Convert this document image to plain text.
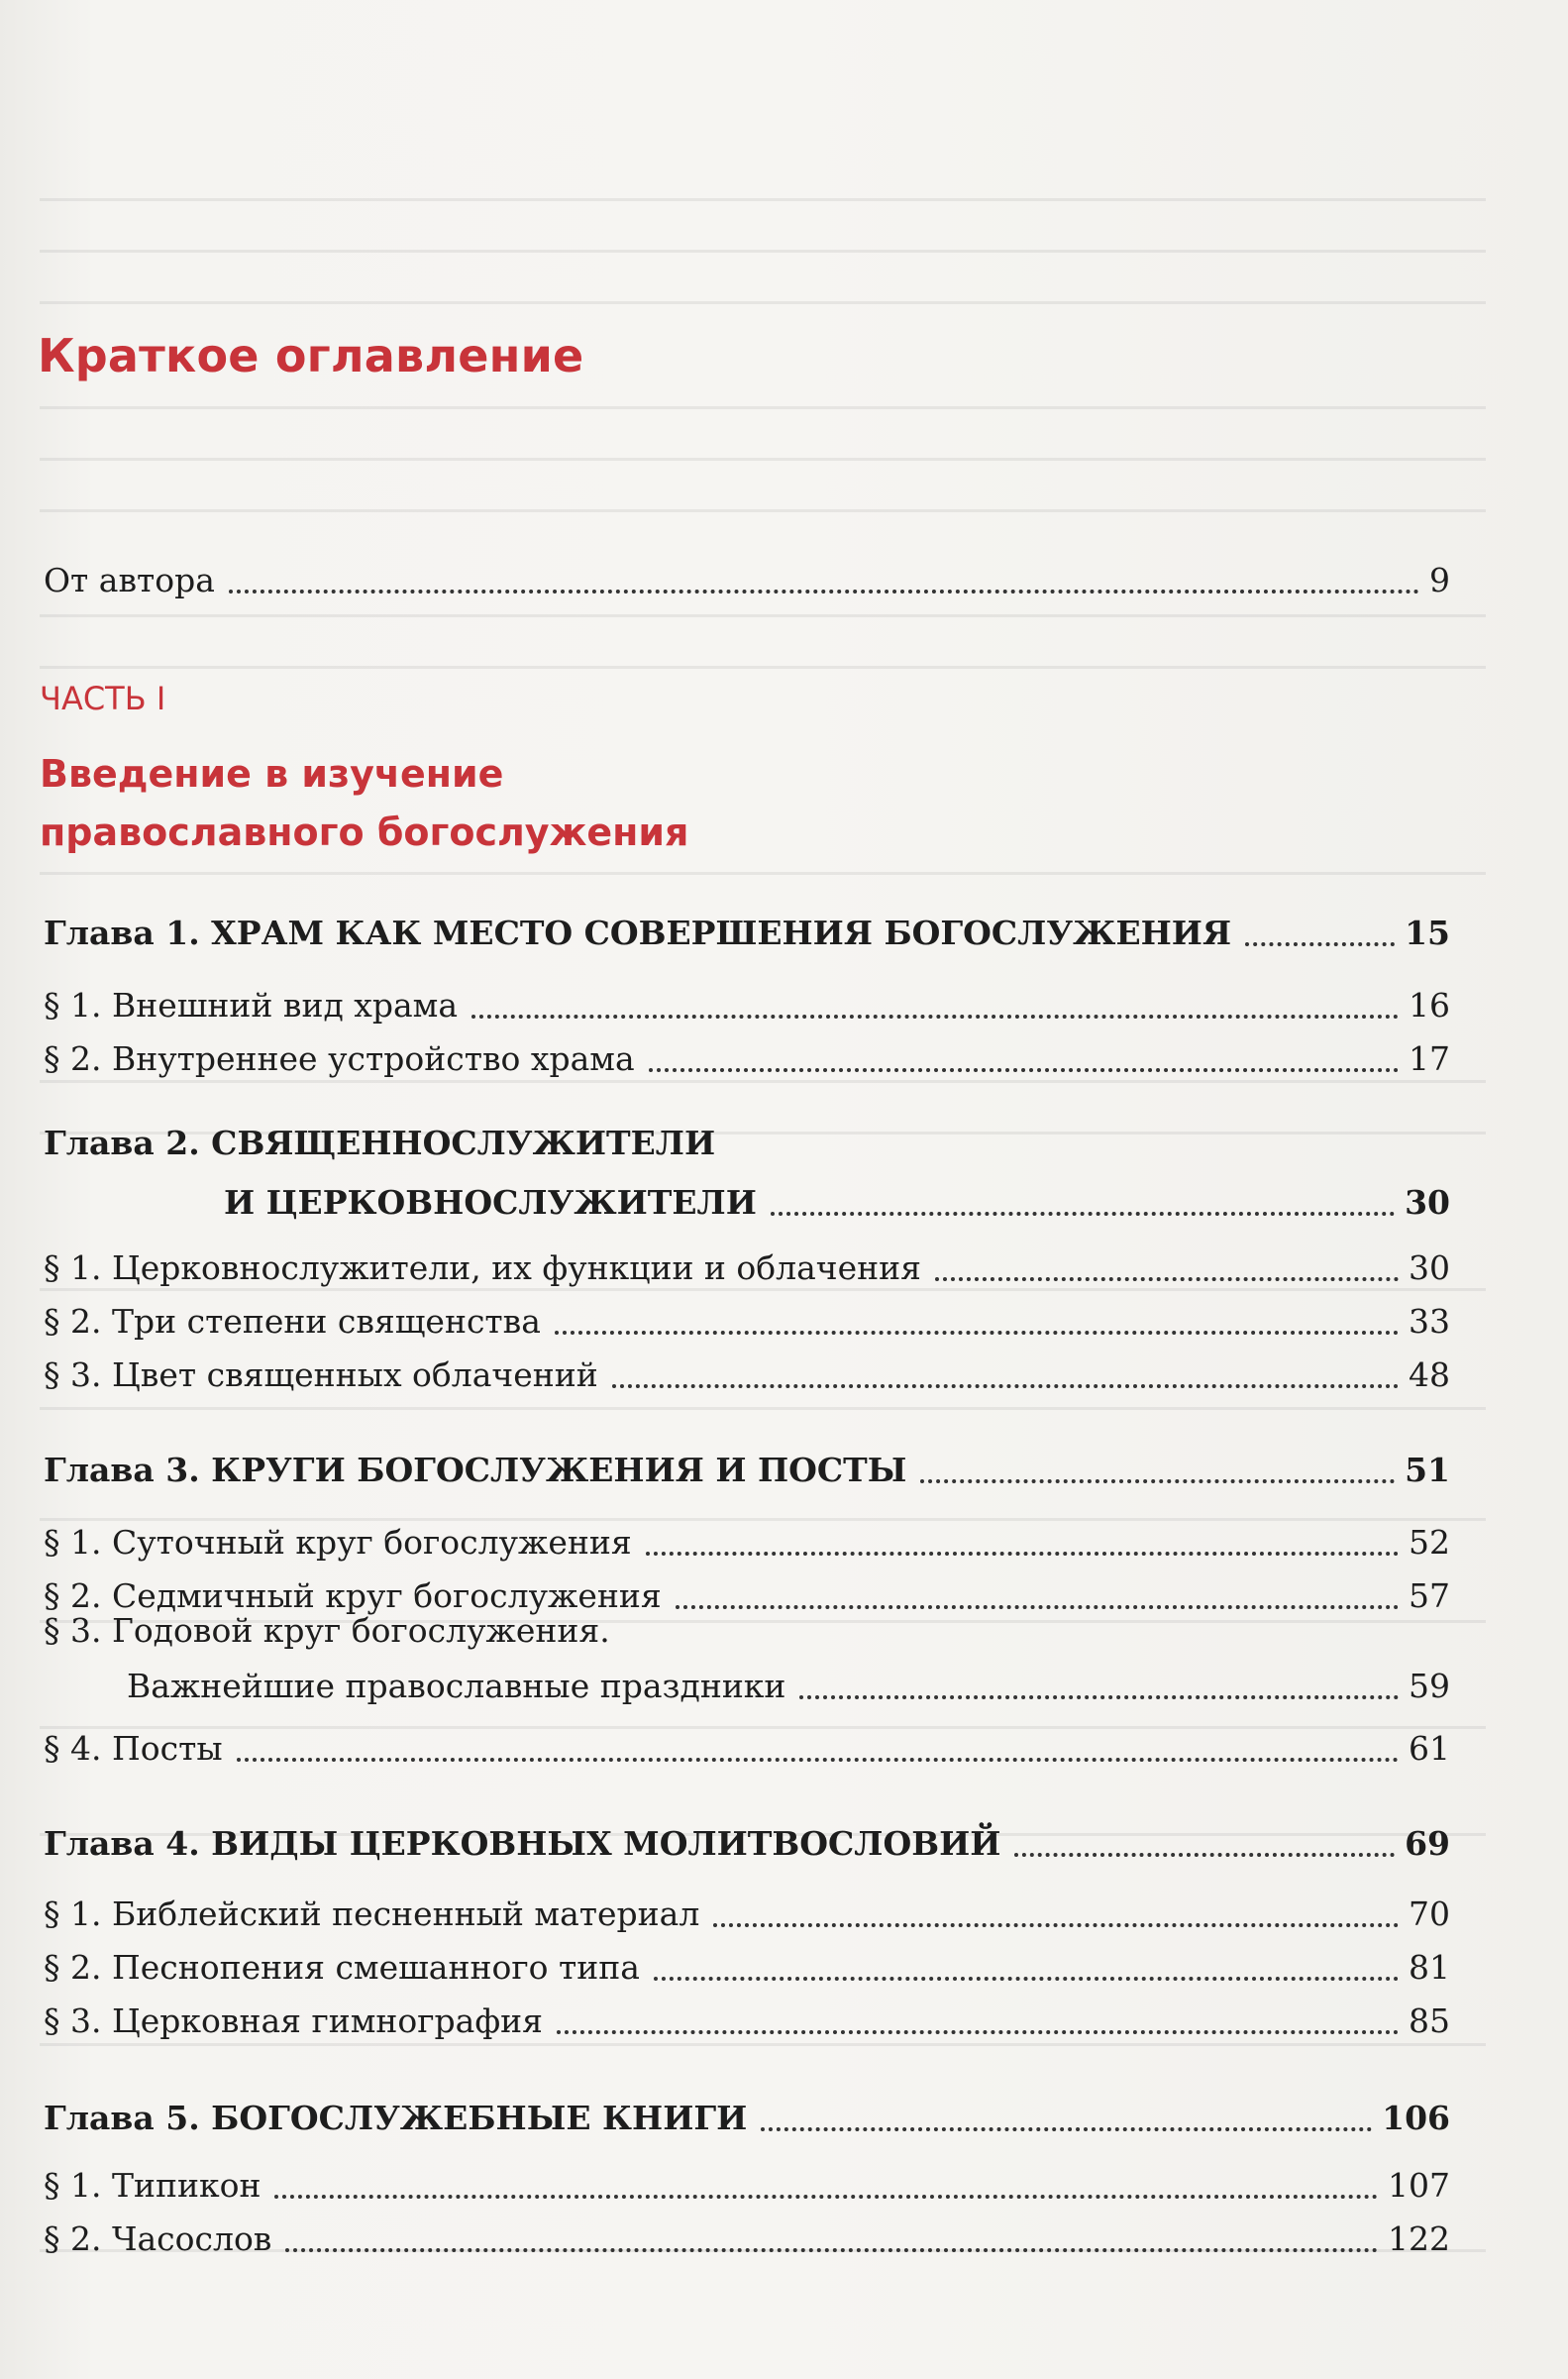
Краткое оглавление
От автора	9
ЧАСТЬ I
Введение в изучение
православного богослужения
Глава 1. ХРАМ КАК МЕСТО СОВЕРШЕНИЯ БОГОСЛУЖЕНИЯ	15
§ 1. Внешний вид храма	16
§ 2. Внутреннее устройство храма	17
Глава 2. СВЯЩЕННОСЛУЖИТЕЛИ
И ЦЕРКОВНОСЛУЖИТЕЛИ	30
§ 1. Церковнослужители, их функции и облачения	30
§ 2. Три степени священства	33
§ 3. Цвет священных облачений	48
Глава 3. КРУГИ БОГОСЛУЖЕНИЯ И ПОСТЫ	51
§ 1. Суточный круг богослужения	52
§ 2. Седмичный круг богослужения	57
§ 3. Годовой круг богослужения.
Важнейшие православные праздники	59
§ 4. Посты	61
Глава 4. ВИДЫ ЦЕРКОВНЫХ МОЛИТВОСЛОВИЙ	69
§ 1. Библейский песненный материал	70
§ 2. Песнопения смешанного типа	81
§ 3. Церковная гимнография	85
Глава 5. БОГОСЛУЖЕБНЫЕ КНИГИ	106
§ 1. Типикон	107
§ 2. Часослов	122
